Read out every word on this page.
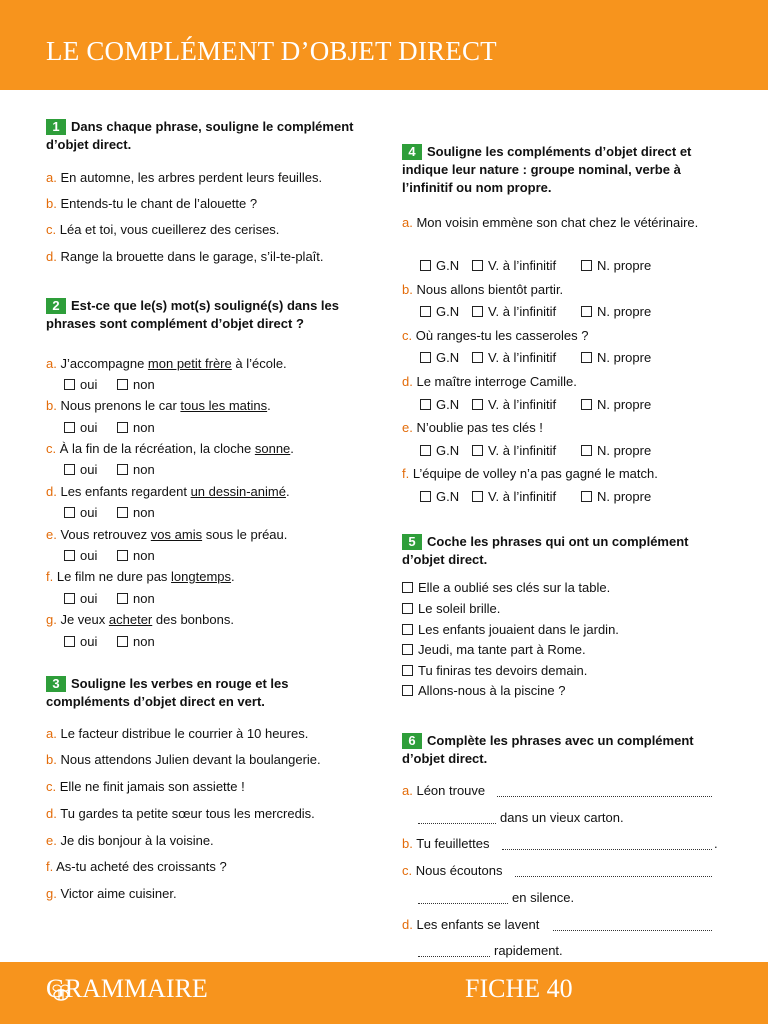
LE COMPLÉMENT D’OBJET DIRECT
1 Dans chaque phrase, souligne le complément d’objet direct.
a. En automne, les arbres perdent leurs feuilles.
b. Entends-tu le chant de l’alouette ?
c. Léa et toi, vous cueillerez des cerises.
d. Range la brouette dans le garage, s’il-te-plaît.
2 Est-ce que le(s) mot(s) souligné(s) dans les phrases sont complément d’objet direct ?
a. J’accompagne mon petit frère à l’école.
oui	non
b. Nous prenons le car tous les matins.
oui	non
c. À la fin de la récréation, la cloche sonne.
oui	non
d. Les enfants regardent un dessin-animé.
oui	non
e. Vous retrouvez vos amis sous le préau.
oui	non
f. Le film ne dure pas longtemps.
oui	non
g. Je veux acheter des bonbons.
oui	non
3 Souligne les verbes en rouge et les compléments d’objet direct en vert.
a. Le facteur distribue le courrier à 10 heures.
b. Nous attendons Julien devant la boulangerie.
c. Elle ne finit jamais son assiette !
d. Tu gardes ta petite sœur tous les mercredis.
e. Je dis bonjour à la voisine.
f. As-tu acheté des croissants ?
g. Victor aime cuisiner.
4 Souligne les compléments d’objet direct et indique leur nature : groupe nominal, verbe à l’infinitif ou nom propre.
a. Mon voisin emmène son chat chez le vétérinaire.
G.N	V. à l’infinitif	N. propre
b. Nous allons bientôt partir.
G.N	V. à l’infinitif	N. propre
c. Où ranges-tu les casseroles ?
G.N	V. à l’infinitif	N. propre
d. Le maître interroge Camille.
G.N	V. à l’infinitif	N. propre
e. N’oublie pas tes clés !
G.N	V. à l’infinitif	N. propre
f. L’équipe de volley n’a pas gagné le match.
G.N	V. à l’infinitif	N. propre
5 Coche les phrases qui ont un complément d’objet direct.
Elle a oublié ses clés sur la table.
Le soleil brille.
Les enfants jouaient dans le jardin.
Jeudi, ma tante part à Rome.
Tu finiras tes devoirs demain.
Allons-nous à la piscine ?
6 Complète les phrases avec un complément d’objet direct.
a. Léon trouve
dans un vieux carton.
b. Tu feuillettes	.
c. Nous écoutons
en silence.
d. Les enfants se lavent
rapidement.
GRAMMAIRE	FICHE 40
